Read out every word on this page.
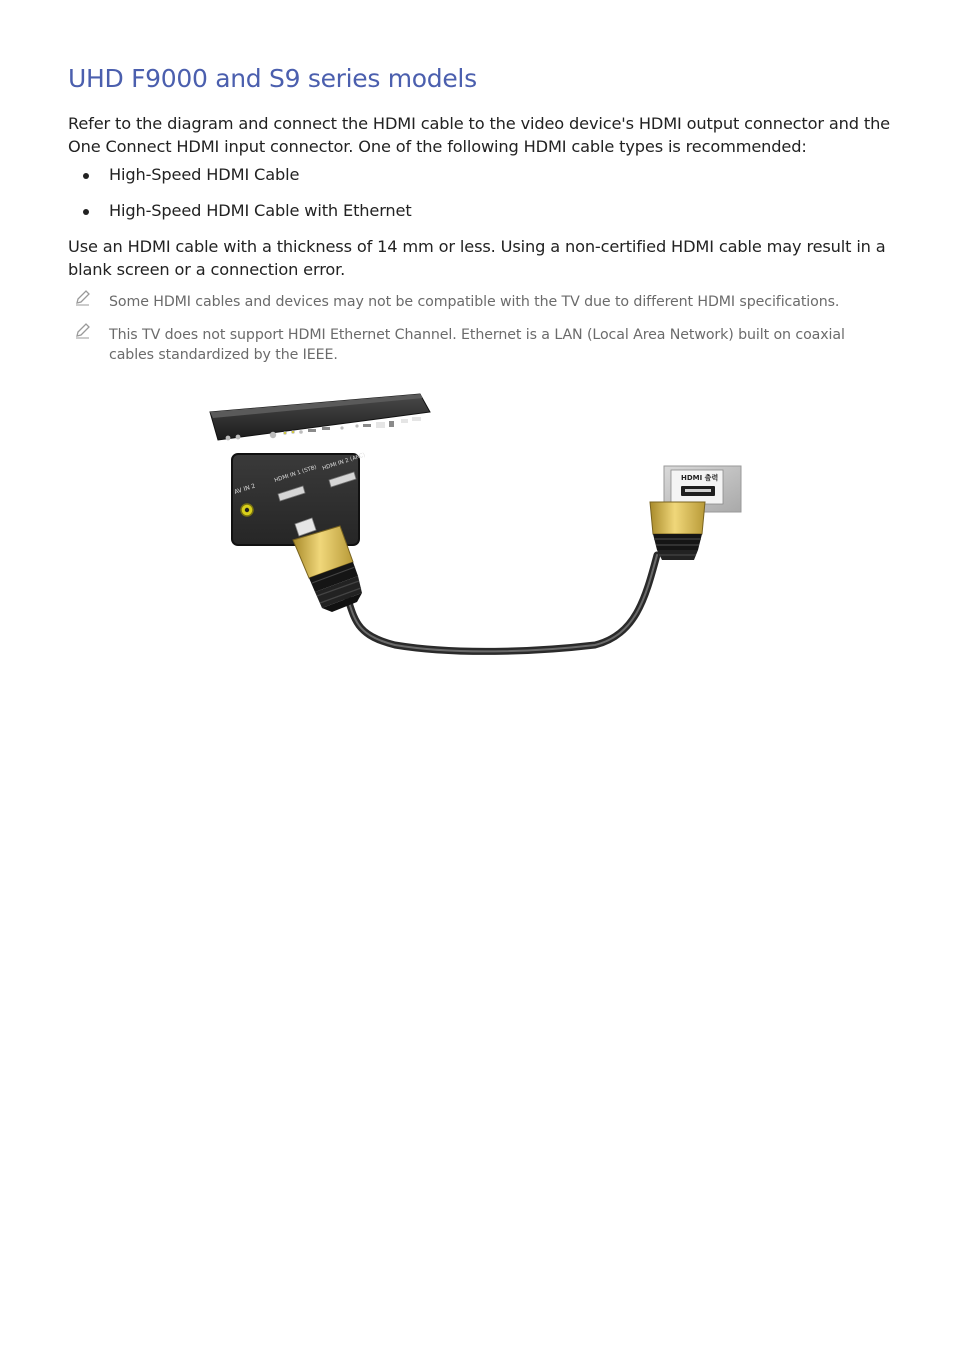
UHD F9000 and S9 series models

Refer to the diagram and connect the HDMI cable to the video device's HDMI output connector and the One Connect HDMI input connector. One of the following HDMI cable types is recommended:

High-Speed HDMI Cable
High-Speed HDMI Cable with Ethernet

Use an HDMI cable with a thickness of 14 mm or less. Using a non-certified HDMI cable may result in a blank screen or a connection error.

Some HDMI cables and devices may not be compatible with the TV due to different HDMI specifications.
This TV does not support HDMI Ethernet Channel. Ethernet is a LAN (Local Area Network) built on coaxial cables standardized by the IEEE.
AV IN 2
HDMI IN 1 (STB)
HDMI IN 2 (ARC)
HDMI 출력
